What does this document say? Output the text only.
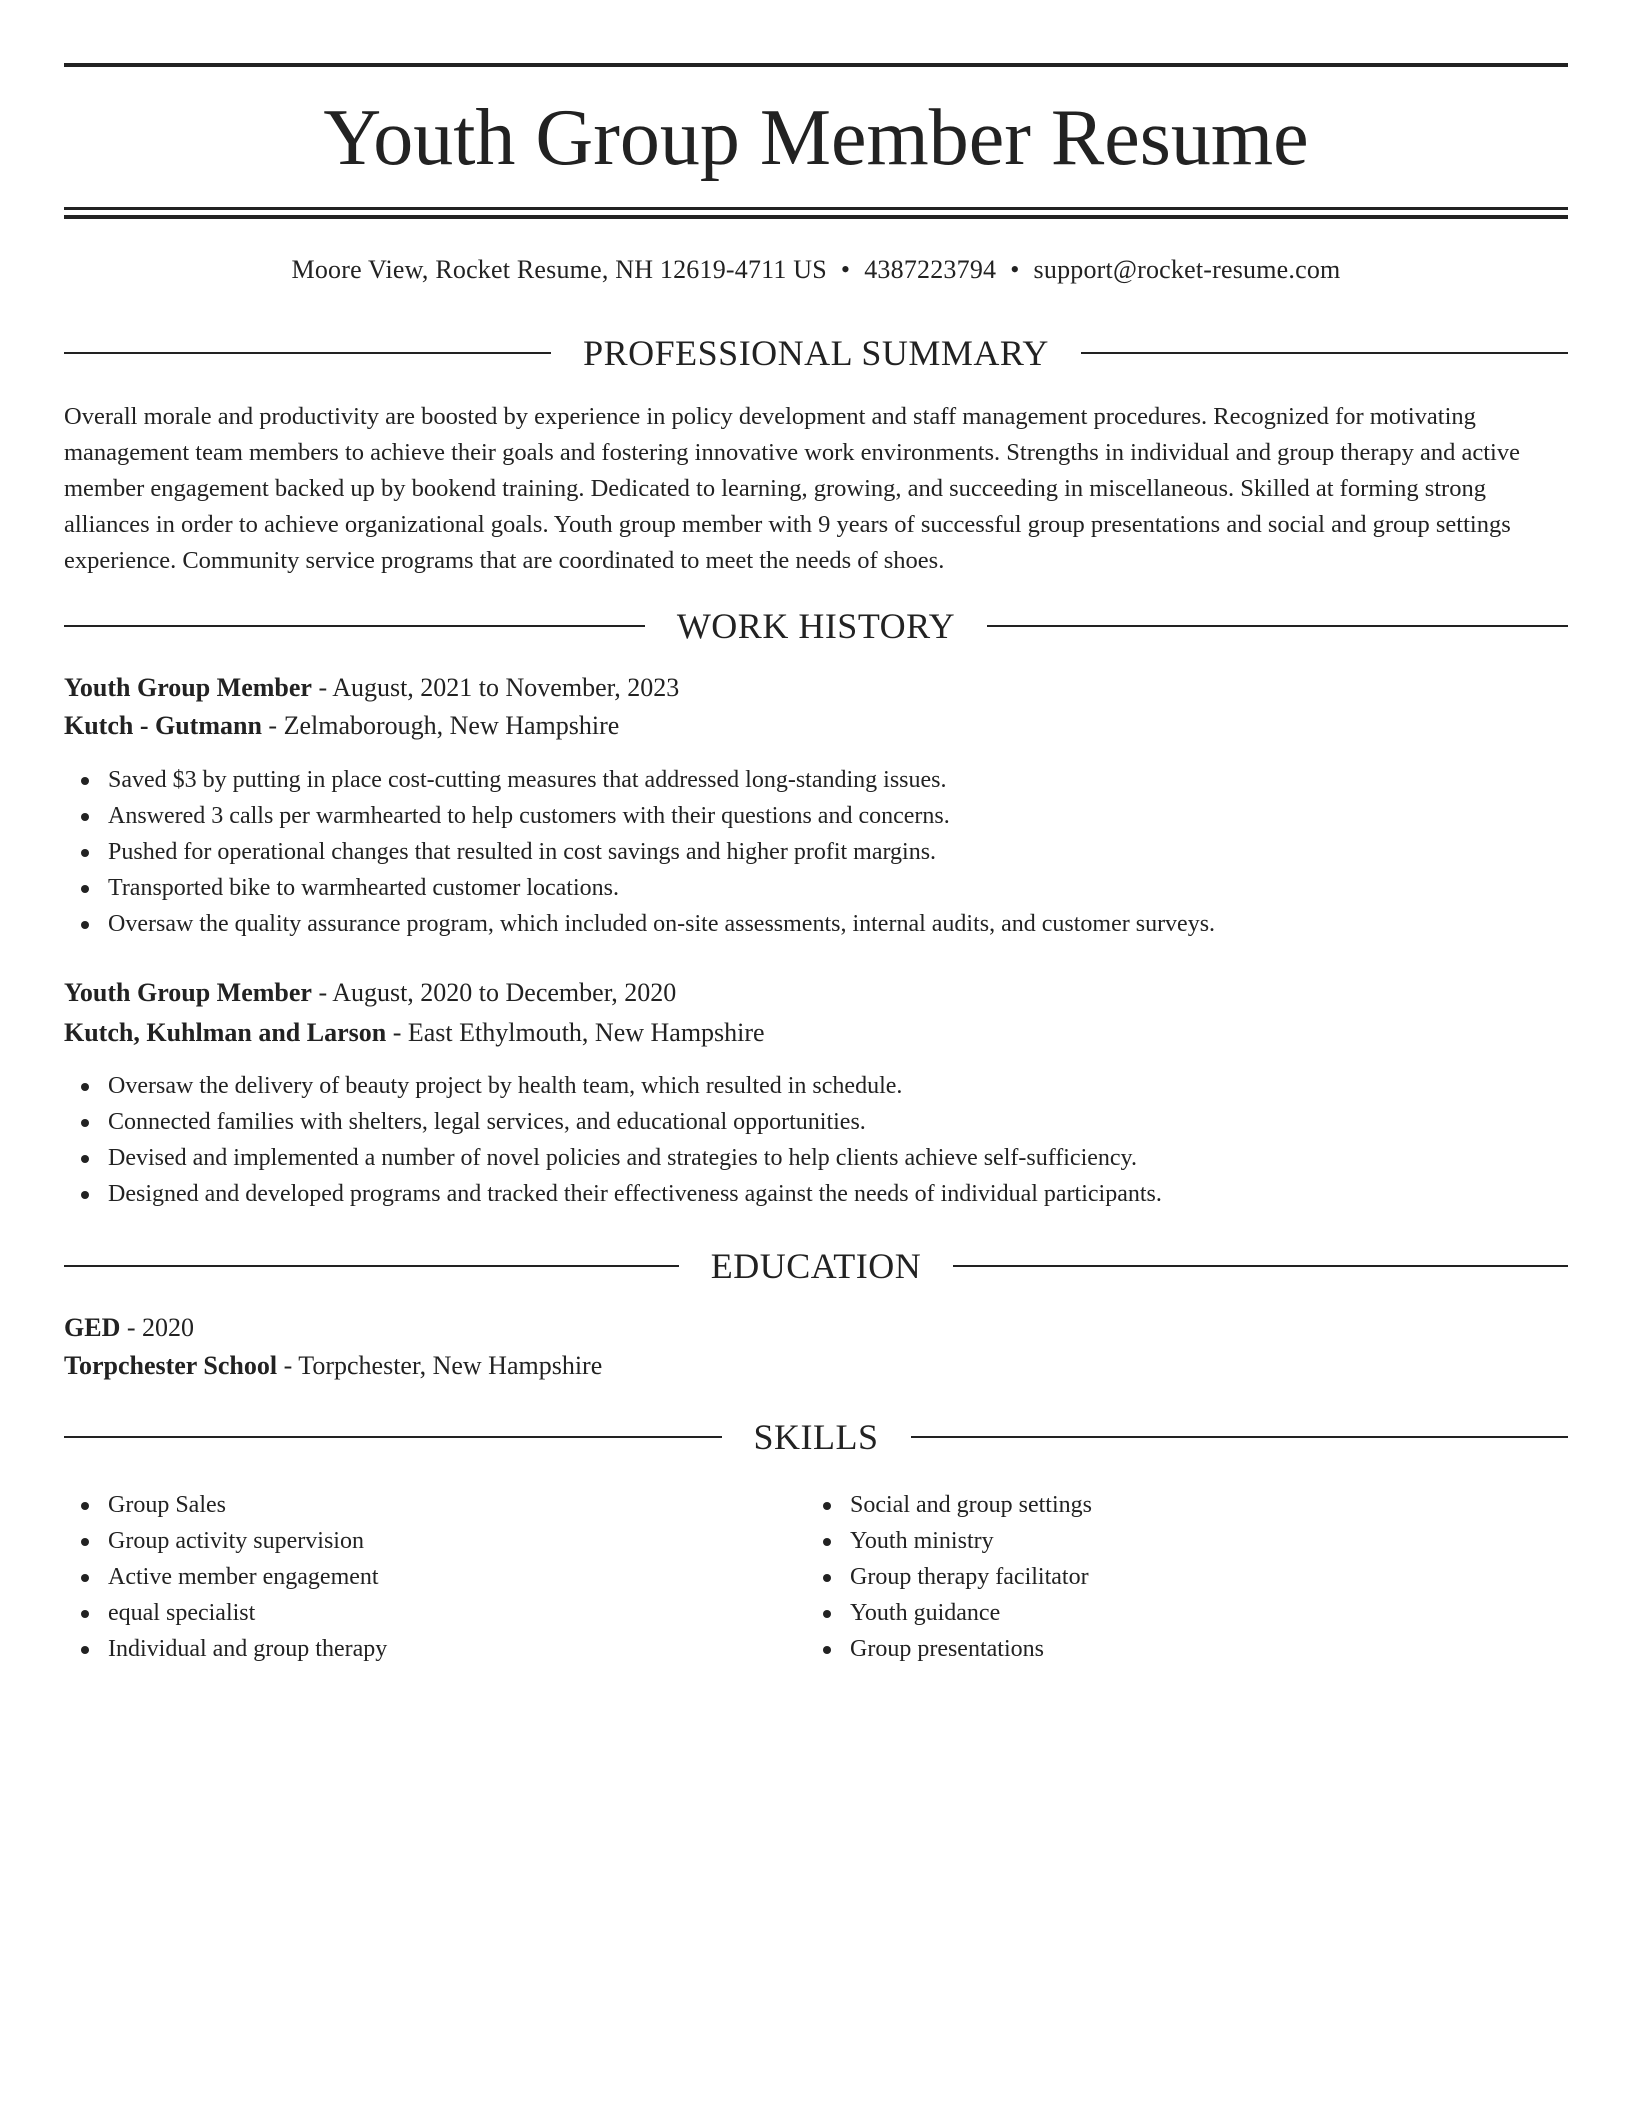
Youth Group Member Resume
Moore View, Rocket Resume, NH 12619-4711 US • 4387223794 • support@rocket-resume.com
PROFESSIONAL SUMMARY

Overall morale and productivity are boosted by experience in policy development and staff management procedures. Recognized for motivating management team members to achieve their goals and fostering innovative work environments. Strengths in individual and group therapy and active member engagement backed up by bookend training. Dedicated to learning, growing, and succeeding in miscellaneous. Skilled at forming strong alliances in order to achieve organizational goals. Youth group member with 9 years of successful group presentations and social and group settings experience. Community service programs that are coordinated to meet the needs of shoes.

WORK HISTORY
Youth Group Member - August, 2021 to November, 2023
Kutch - Gutmann - Zelmaborough, New Hampshire
Saved $3 by putting in place cost-cutting measures that addressed long-standing issues.
Answered 3 calls per warmhearted to help customers with their questions and concerns.
Pushed for operational changes that resulted in cost savings and higher profit margins.
Transported bike to warmhearted customer locations.
Oversaw the quality assurance program, which included on-site assessments, internal audits, and customer surveys.
Youth Group Member - August, 2020 to December, 2020
Kutch, Kuhlman and Larson - East Ethylmouth, New Hampshire
Oversaw the delivery of beauty project by health team, which resulted in schedule.
Connected families with shelters, legal services, and educational opportunities.
Devised and implemented a number of novel policies and strategies to help clients achieve self-sufficiency.
Designed and developed programs and tracked their effectiveness against the needs of individual participants.
EDUCATION
GED - 2020
Torpchester School - Torpchester, New Hampshire
SKILLS
Group Sales
Group activity supervision
Active member engagement
equal specialist
Individual and group therapy
Social and group settings
Youth ministry
Group therapy facilitator
Youth guidance
Group presentations
